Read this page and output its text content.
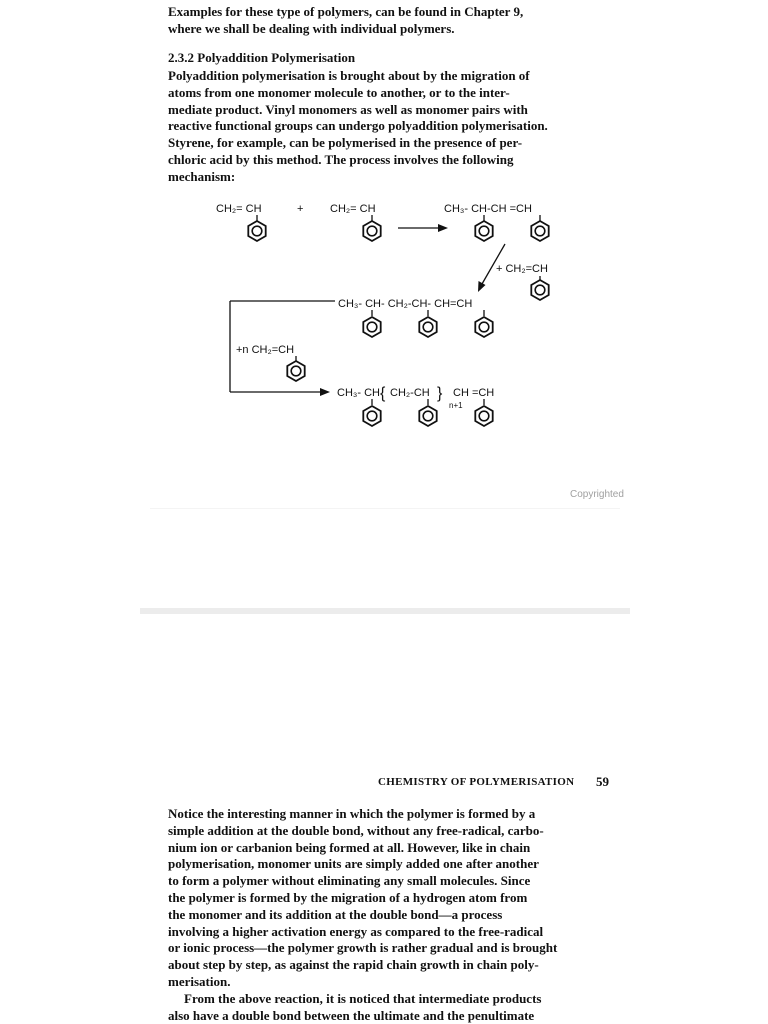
Examples for these type of polymers, can be found in Chapter 9,
where we shall be dealing with individual polymers.
2.3.2 Polyaddition Polymerisation
Polyaddition polymerisation is brought about by the migration of
atoms from one monomer molecule to another, or to the inter-
mediate product. Vinyl monomers as well as monomer pairs with
reactive functional groups can undergo polyaddition polymerisation.
Styrene, for example, can be polymerised in the presence of per-
chloric acid by this method. The process involves the following
mechanism:
CH₂= CH	+ CH₂= CH	CH₃- CH-CH =CH
+ CH₂=CH
CH₃- CH- CH₂-CH- CH=CH
+n CH₂=CH
CH₃- CH { CH₂-CH }
n+1
CH =CH
Copyrighted
CHEMISTRY OF POLYMERISATION 59
Notice the interesting manner in which the polymer is formed by a
simple addition at the double bond, without any free-radical, carbo-
nium ion or carbanion being formed at all. However, like in chain
polymerisation, monomer units are simply added one after another
to form a polymer without eliminating any small molecules. Since
the polymer is formed by the migration of a hydrogen atom from
the monomer and its addition at the double bond—a process
involving a higher activation energy as compared to the free-radical
or ionic process—the polymer growth is rather gradual and is brought
about step by step, as against the rapid chain growth in chain poly-
merisation.
From the above reaction, it is noticed that intermediate products
also have a double bond between the ultimate and the penultimate
